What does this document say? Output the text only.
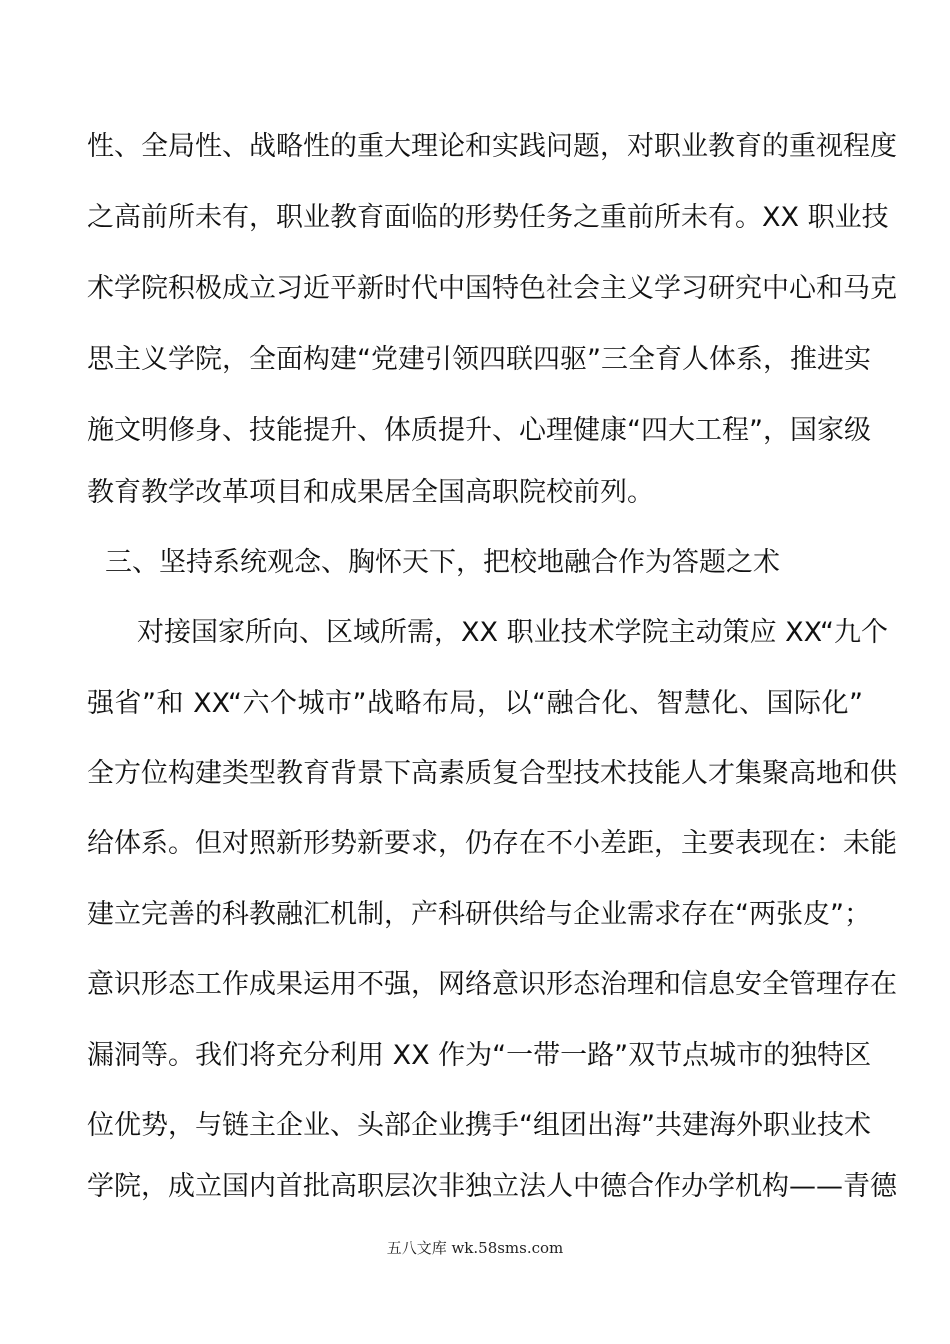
性、全局性、战略性的重大理论和实践问题，对职业教育的重视程度
之高前所未有，职业教育面临的形势任务之重前所未有。XX 职业技
术学院积极成立习近平新时代中国特色社会主义学习研究中心和马克
思主义学院，全面构建“党建引领四联四驱”三全育人体系，推进实
施文明修身、技能提升、体质提升、心理健康“四大工程”，国家级
教育教学改革项目和成果居全国高职院校前列。
三、坚持系统观念、胸怀天下，把校地融合作为答题之术
对接国家所向、区域所需，XX 职业技术学院主动策应 XX“九个
强省”和 XX“六个城市”战略布局，以“融合化、智慧化、国际化”
全方位构建类型教育背景下高素质复合型技术技能人才集聚高地和供
给体系。但对照新形势新要求，仍存在不小差距，主要表现在：未能
建立完善的科教融汇机制，产科研供给与企业需求存在“两张皮”；
意识形态工作成果运用不强，网络意识形态治理和信息安全管理存在
漏洞等。我们将充分利用 XX 作为“一带一路”双节点城市的独特区
位优势，与链主企业、头部企业携手“组团出海”共建海外职业技术
学院，成立国内首批高职层次非独立法人中德合作办学机构——青德
五八文库 wk.58sms.com
